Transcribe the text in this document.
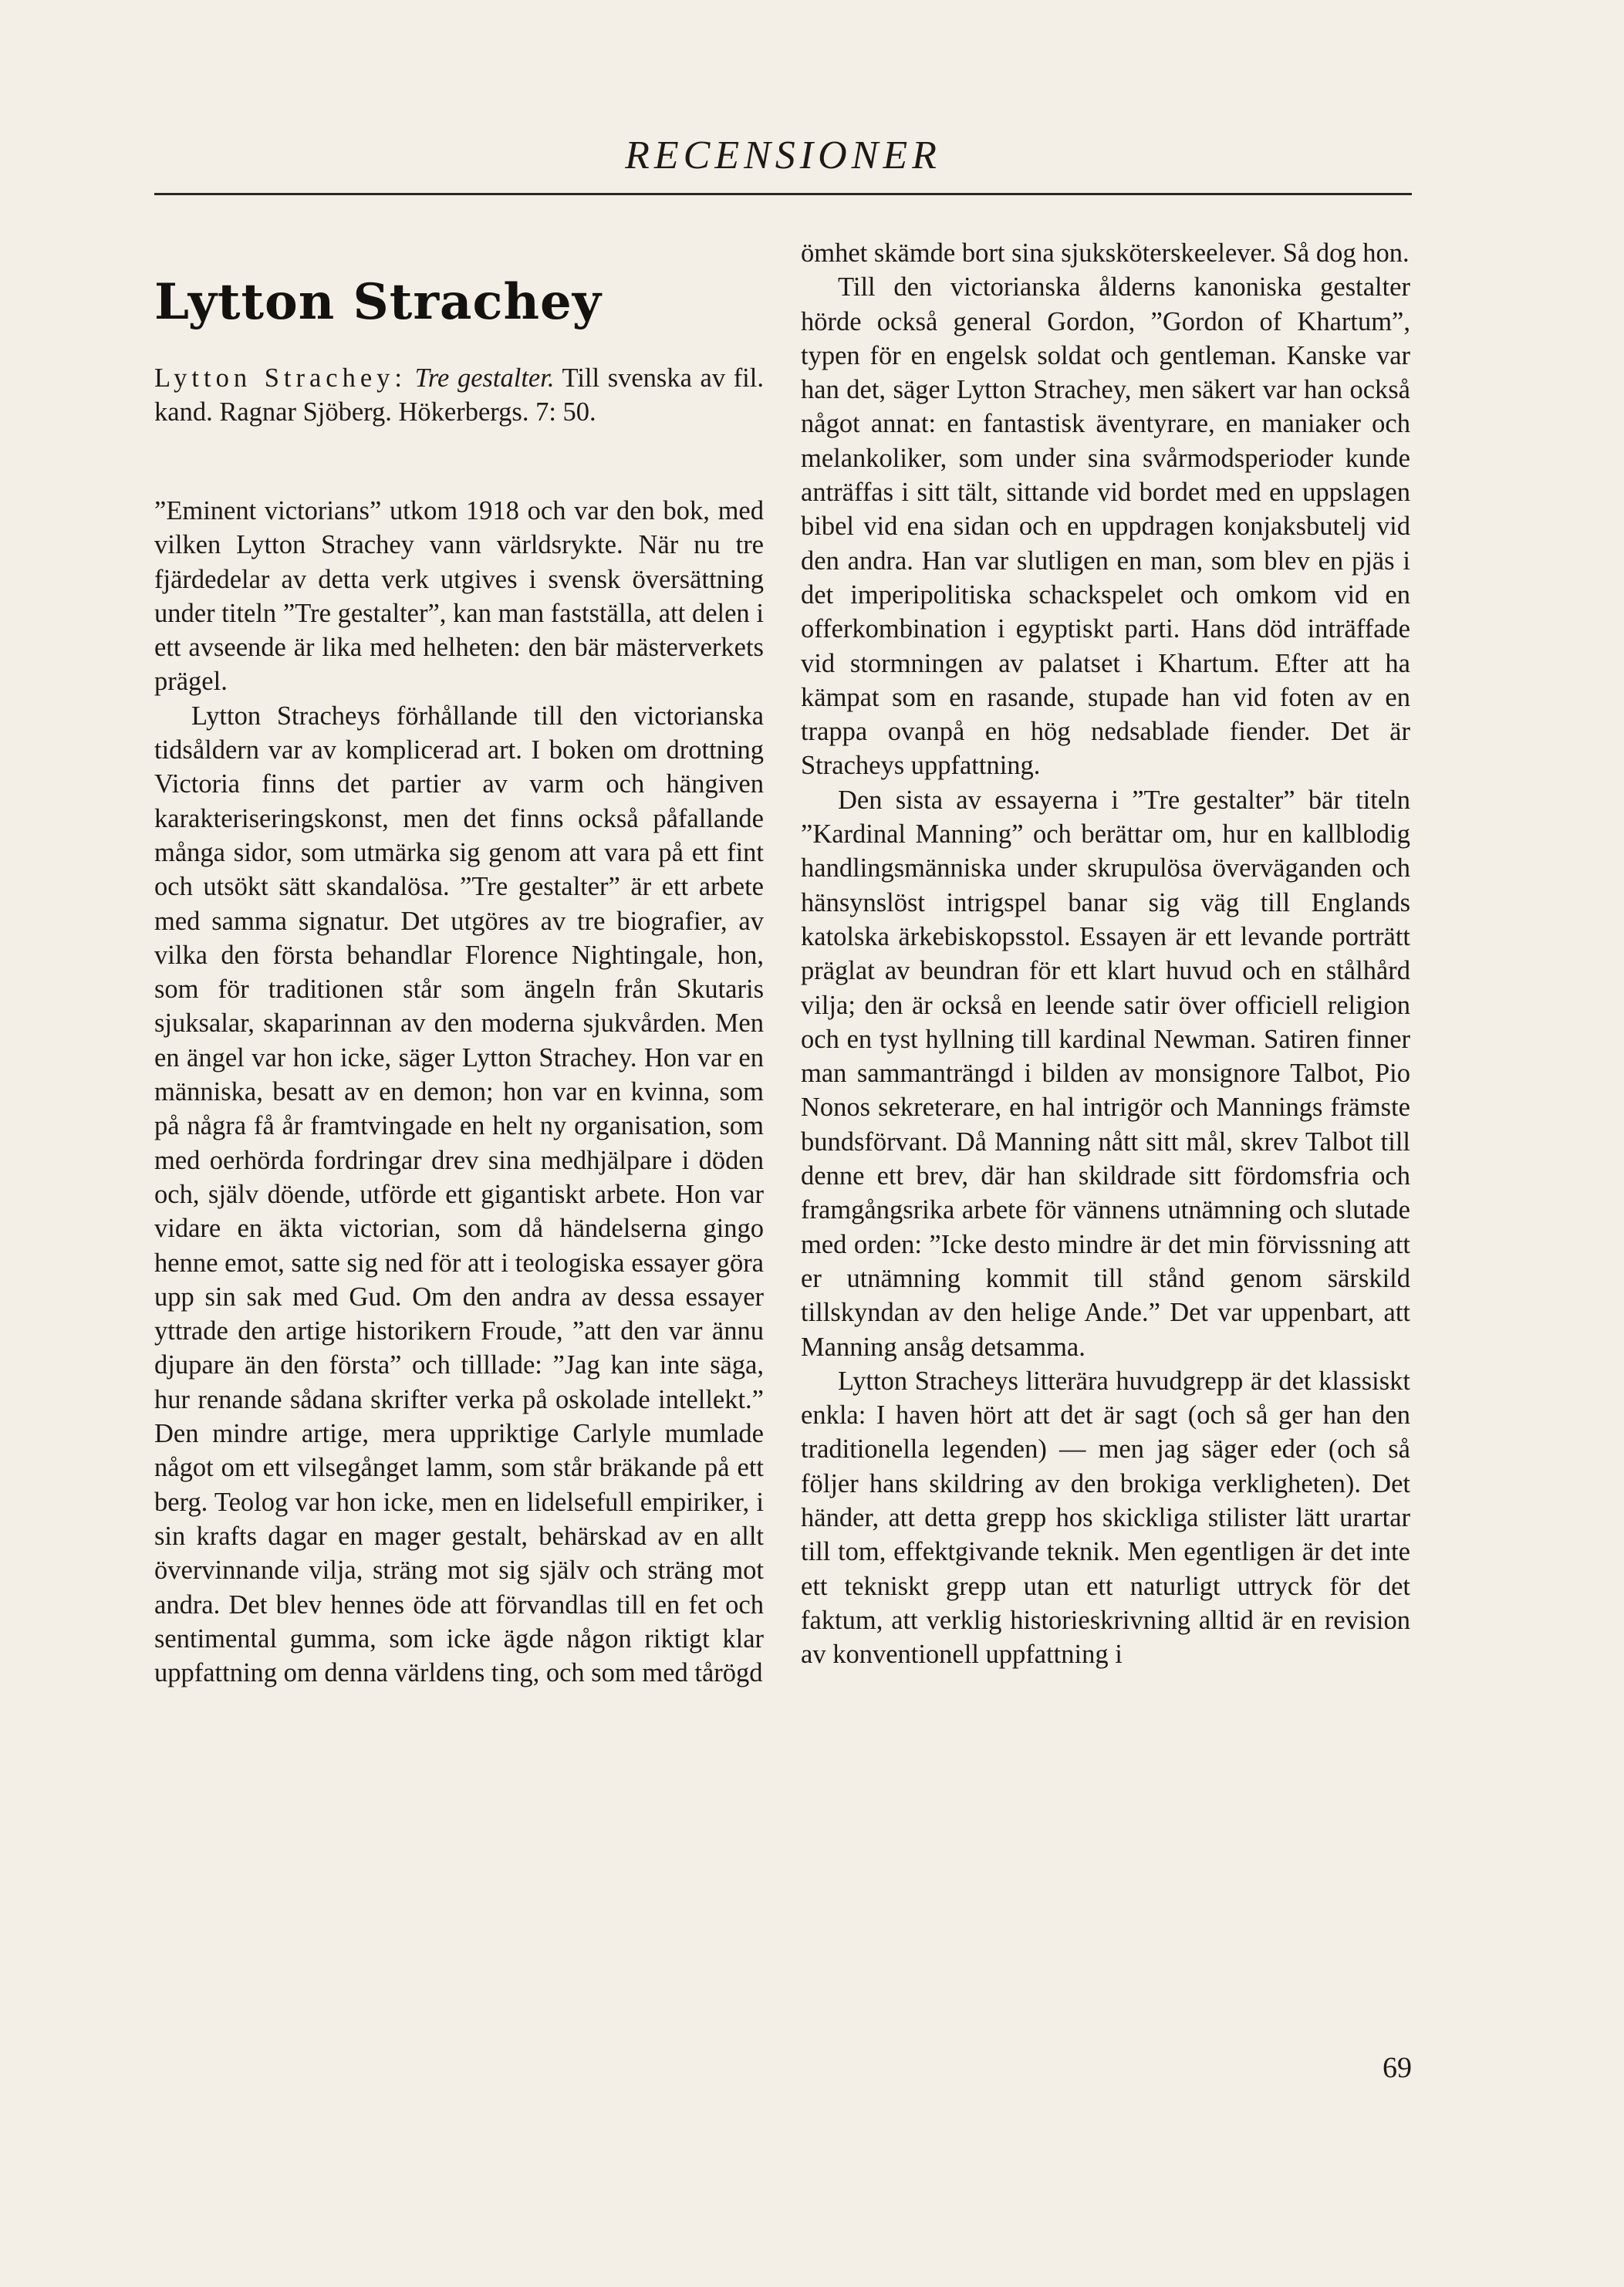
RECENSIONER
Lytton Strachey
Lytton Strachey: Tre gestalter. Till svenska av fil. kand. Ragnar Sjöberg. Hökerbergs. 7: 50.

”Eminent victorians” utkom 1918 och var den bok, med vilken Lytton Strachey vann världsrykte. När nu tre fjärdedelar av detta verk utgives i svensk översättning under titeln ”Tre gestalter”, kan man fastställa, att delen i ett avseende är lika med helheten: den bär mästerverkets prägel.

Lytton Stracheys förhållande till den victorianska tidsåldern var av komplicerad art. I boken om drottning Victoria finns det partier av varm och hängiven karakteriseringskonst, men det finns också påfallande många sidor, som utmärka sig genom att vara på ett fint och utsökt sätt skandalösa. ”Tre gestalter” är ett arbete med samma signatur. Det utgöres av tre biografier, av vilka den första behandlar Florence Nightingale, hon, som för traditionen står som ängeln från Skutaris sjuksalar, skaparinnan av den moderna sjukvården. Men en ängel var hon icke, säger Lytton Strachey. Hon var en människa, besatt av en demon; hon var en kvinna, som på några få år framtvingade en helt ny organisation, som med oerhörda fordringar drev sina medhjälpare i döden och, själv döende, utförde ett gigantiskt arbete. Hon var vidare en äkta victorian, som då händelserna gingo henne emot, satte sig ned för att i teologiska essayer göra upp sin sak med Gud. Om den andra av dessa essayer yttrade den artige historikern Froude, ”att den var ännu djupare än den första” och tilllade: ”Jag kan inte säga, hur renande sådana skrifter verka på oskolade intellekt.” Den mindre artige, mera uppriktige Carlyle mumlade något om ett vilsegånget lamm, som står bräkande på ett berg. Teolog var hon icke, men en lidelsefull empiriker, i sin krafts dagar en mager gestalt, behärskad av en allt övervinnande vilja, sträng mot sig själv och sträng mot andra. Det blev hennes öde att förvandlas till en fet och sentimental gumma, som icke ägde någon riktigt klar uppfattning om denna världens ting, och som med tårögd

ömhet skämde bort sina sjuksköterskeelever. Så dog hon.

Till den victorianska ålderns kanoniska gestalter hörde också general Gordon, ”Gordon of Khartum”, typen för en engelsk soldat och gentleman. Kanske var han det, säger Lytton Strachey, men säkert var han också något annat: en fantastisk äventyrare, en maniaker och melankoliker, som under sina svårmodsperioder kunde anträffas i sitt tält, sittande vid bordet med en uppslagen bibel vid ena sidan och en uppdragen konjaksbutelj vid den andra. Han var slutligen en man, som blev en pjäs i det imperipolitiska schackspelet och omkom vid en offerkombination i egyptiskt parti. Hans död inträffade vid stormningen av palatset i Khartum. Efter att ha kämpat som en rasande, stupade han vid foten av en trappa ovanpå en hög nedsablade fiender. Det är Stracheys uppfattning.

Den sista av essayerna i ”Tre gestalter” bär titeln ”Kardinal Manning” och berättar om, hur en kallblodig handlingsmänniska under skrupulösa överväganden och hänsynslöst intrigspel banar sig väg till Englands katolska ärkebiskopsstol. Essayen är ett levande porträtt präglat av beundran för ett klart huvud och en stålhård vilja; den är också en leende satir över officiell religion och en tyst hyllning till kardinal Newman. Satiren finner man sammanträngd i bilden av monsignore Talbot, Pio Nonos sekreterare, en hal intrigör och Mannings främste bundsförvant. Då Manning nått sitt mål, skrev Talbot till denne ett brev, där han skildrade sitt fördomsfria och framgångsrika arbete för vännens utnämning och slutade med orden: ”Icke desto mindre är det min förvissning att er utnämning kommit till stånd genom särskild tillskyndan av den helige Ande.” Det var uppenbart, att Manning ansåg detsamma.

Lytton Stracheys litterära huvudgrepp är det klassiskt enkla: I haven hört att det är sagt (och så ger han den traditionella legenden) — men jag säger eder (och så följer hans skildring av den brokiga verkligheten). Det händer, att detta grepp hos skickliga stilister lätt urartar till tom, effektgivande teknik. Men egentligen är det inte ett tekniskt grepp utan ett naturligt uttryck för det faktum, att verklig historieskrivning alltid är en revision av konventionell uppfattning i

69
